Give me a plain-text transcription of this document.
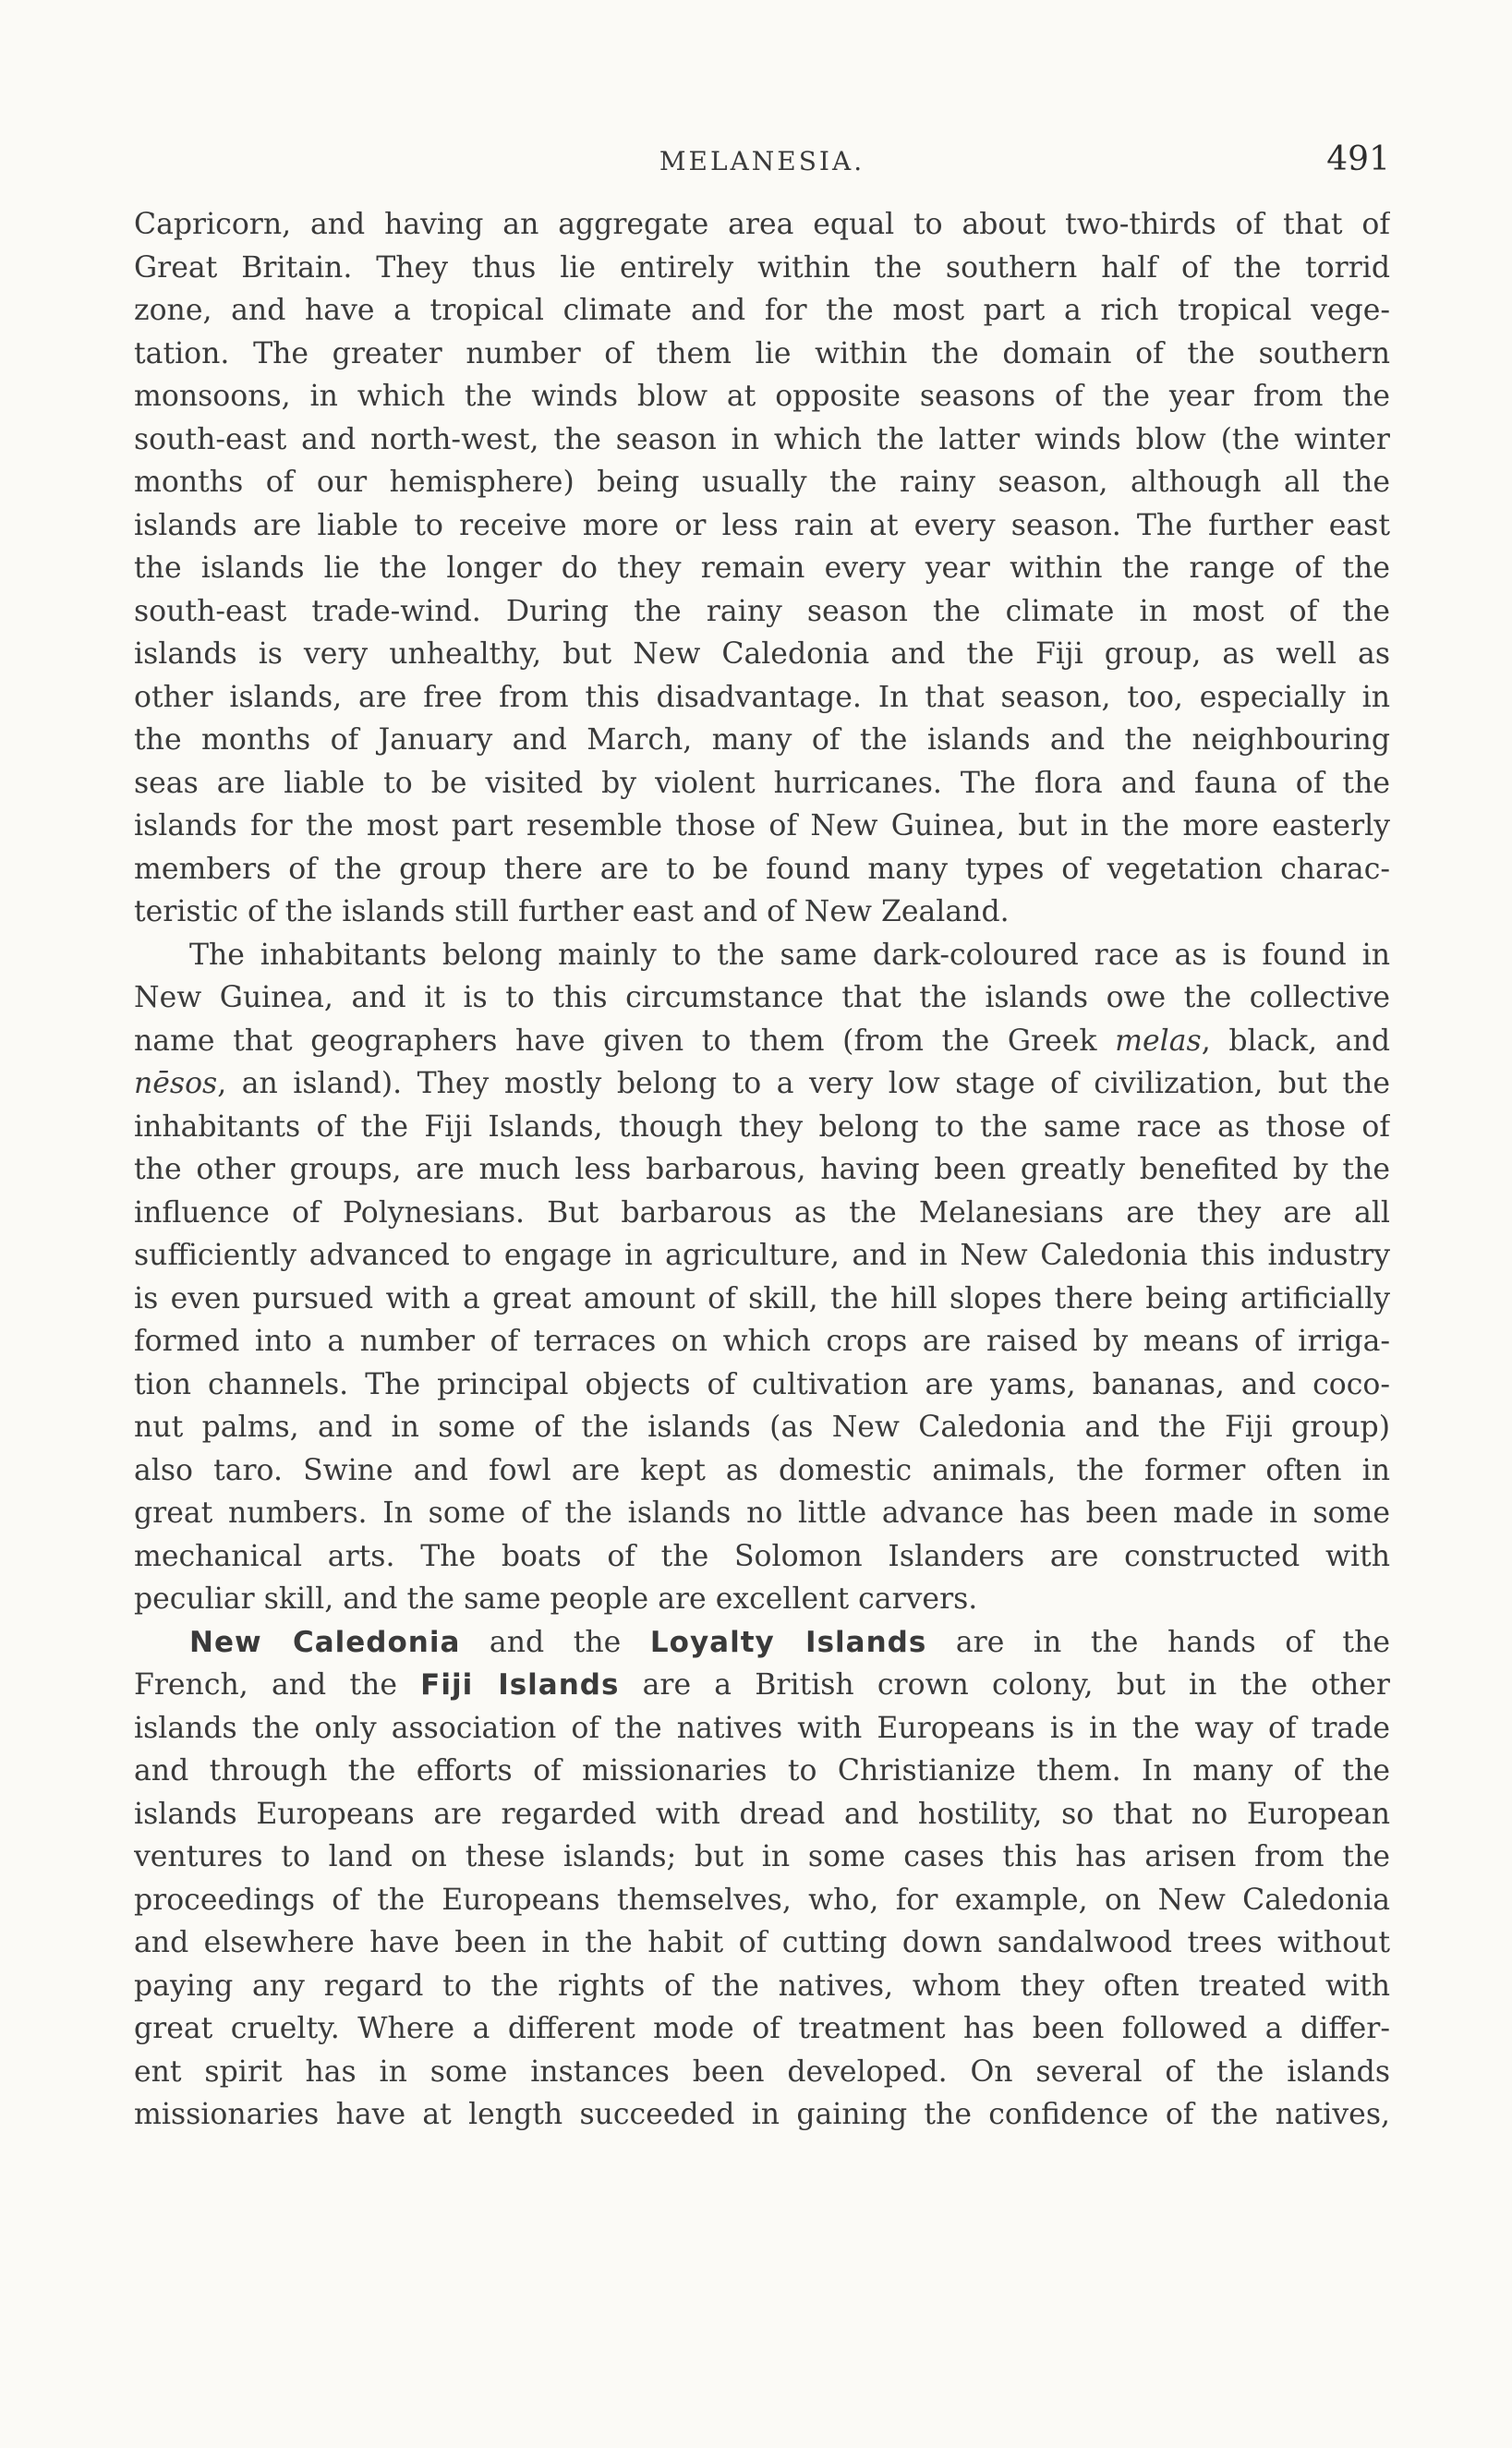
MELANESIA.	491
Capricorn, and having an aggregate area equal to about two-thirds of that of
Great Britain. They thus lie entirely within the southern half of the torrid
zone, and have a tropical climate and for the most part a rich tropical vege-
tation. The greater number of them lie within the domain of the southern
monsoons, in which the winds blow at opposite seasons of the year from the
south-east and north-west, the season in which the latter winds blow (the winter
months of our hemisphere) being usually the rainy season, although all the
islands are liable to receive more or less rain at every season. The further east
the islands lie the longer do they remain every year within the range of the
south-east trade-wind. During the rainy season the climate in most of the
islands is very unhealthy, but New Caledonia and the Fiji group, as well as
other islands, are free from this disadvantage. In that season, too, especially in
the months of January and March, many of the islands and the neighbouring
seas are liable to be visited by violent hurricanes. The flora and fauna of the
islands for the most part resemble those of New Guinea, but in the more easterly
members of the group there are to be found many types of vegetation charac-
teristic of the islands still further east and of New Zealand.
The inhabitants belong mainly to the same dark-coloured race as is found in
New Guinea, and it is to this circumstance that the islands owe the collective
name that geographers have given to them (from the Greek melas, black, and
nēsos, an island). They mostly belong to a very low stage of civilization, but the
inhabitants of the Fiji Islands, though they belong to the same race as those of
the other groups, are much less barbarous, having been greatly benefited by the
influence of Polynesians. But barbarous as the Melanesians are they are all
sufficiently advanced to engage in agriculture, and in New Caledonia this industry
is even pursued with a great amount of skill, the hill slopes there being artificially
formed into a number of terraces on which crops are raised by means of irriga-
tion channels. The principal objects of cultivation are yams, bananas, and coco-
nut palms, and in some of the islands (as New Caledonia and the Fiji group)
also taro. Swine and fowl are kept as domestic animals, the former often in
great numbers. In some of the islands no little advance has been made in some
mechanical arts. The boats of the Solomon Islanders are constructed with
peculiar skill, and the same people are excellent carvers.
New Caledonia and the Loyalty Islands are in the hands of the
French, and the Fiji Islands are a British crown colony, but in the other
islands the only association of the natives with Europeans is in the way of trade
and through the efforts of missionaries to Christianize them. In many of the
islands Europeans are regarded with dread and hostility, so that no European
ventures to land on these islands; but in some cases this has arisen from the
proceedings of the Europeans themselves, who, for example, on New Caledonia
and elsewhere have been in the habit of cutting down sandalwood trees without
paying any regard to the rights of the natives, whom they often treated with
great cruelty. Where a different mode of treatment has been followed a differ-
ent spirit has in some instances been developed. On several of the islands
missionaries have at length succeeded in gaining the confidence of the natives,
